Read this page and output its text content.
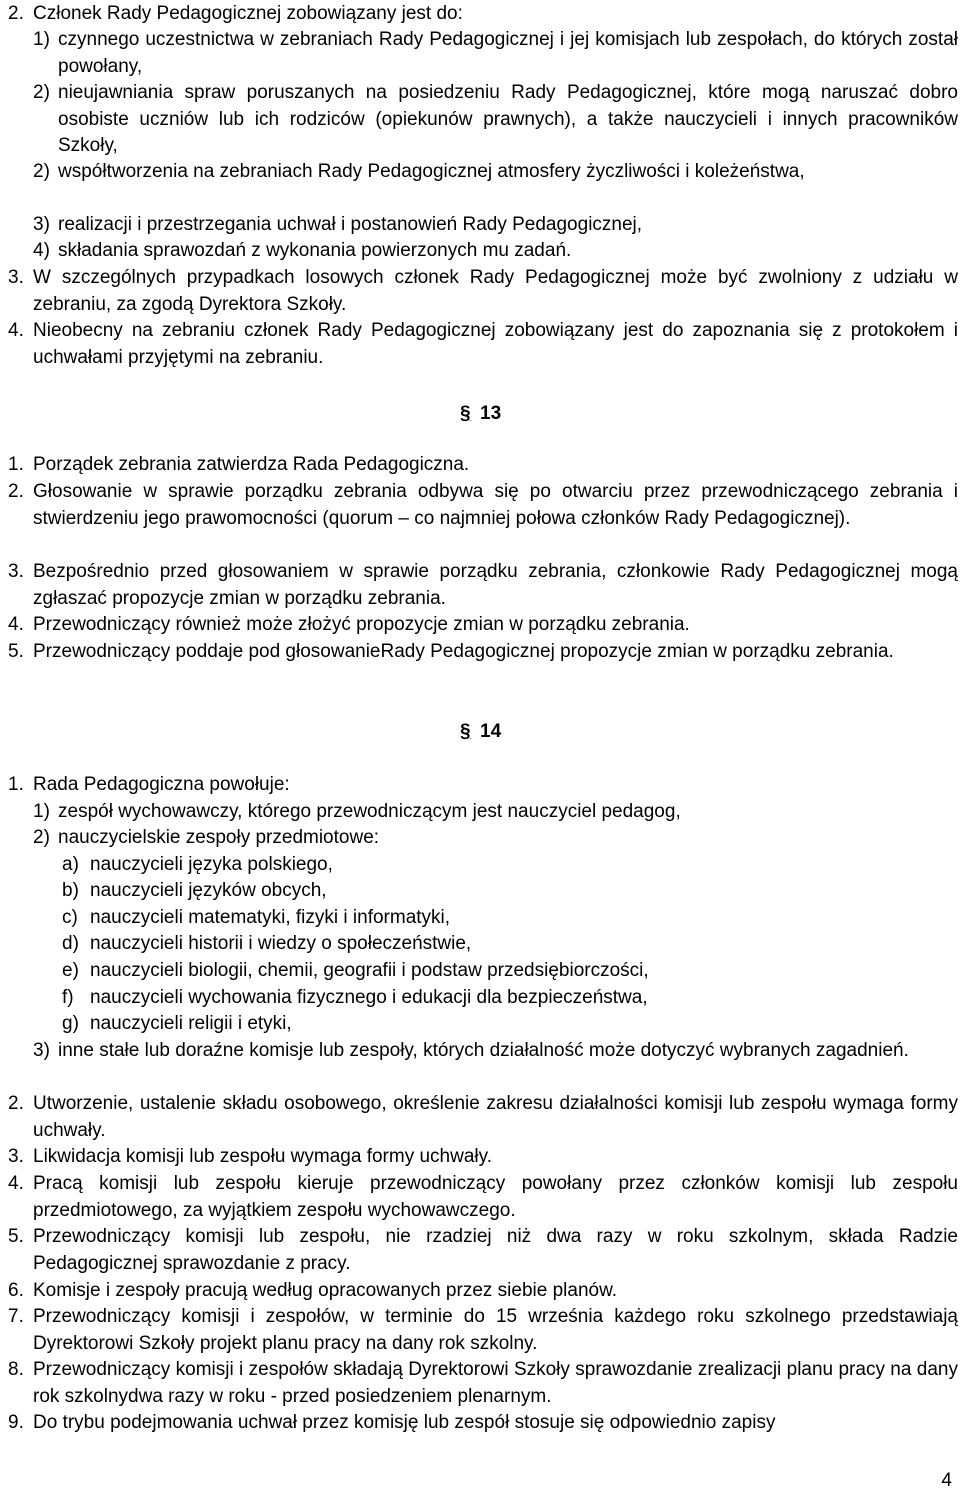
2. Członek Rady Pedagogicznej zobowiązany jest do:
1) czynnego uczestnictwa w zebraniach Rady Pedagogicznej i jej komisjach lub zespołach, do których został powołany,
2) nieujawniania spraw poruszanych na posiedzeniu Rady Pedagogicznej, które mogą naruszać dobro osobiste uczniów lub ich rodziców (opiekunów prawnych), a także nauczycieli i innych pracowników Szkoły,
2) współtworzenia na zebraniach Rady Pedagogicznej atmosfery życzliwości i koleżeństwa,
3) realizacji i przestrzegania uchwał i postanowień Rady Pedagogicznej,
4) składania sprawozdań z wykonania powierzonych mu zadań.
3. W szczególnych przypadkach losowych członek Rady Pedagogicznej może być zwolniony z udziału w zebraniu, za zgodą Dyrektora Szkoły.
4. Nieobecny na zebraniu członek Rady Pedagogicznej zobowiązany jest do zapoznania się z protokołem i uchwałami przyjętymi na zebraniu.
§ 13
1. Porządek zebrania zatwierdza Rada Pedagogiczna.
2. Głosowanie w sprawie porządku zebrania odbywa się po otwarciu przez przewodniczącego zebrania i stwierdzeniu jego prawomocności (quorum – co najmniej połowa członków Rady Pedagogicznej).
3. Bezpośrednio przed głosowaniem w sprawie porządku zebrania, członkowie Rady Pedagogicznej mogą zgłaszać propozycje zmian w porządku zebrania.
4. Przewodniczący również może złożyć propozycje zmian w porządku zebrania.
5. Przewodniczący poddaje pod głosowanieRady Pedagogicznej propozycje zmian w porządku zebrania.
§ 14
1. Rada Pedagogiczna powołuje:
1) zespół wychowawczy, którego przewodniczącym jest nauczyciel pedagog,
2) nauczycielskie zespoły przedmiotowe:
a) nauczycieli języka polskiego,
b) nauczycieli języków obcych,
c) nauczycieli matematyki, fizyki i informatyki,
d) nauczycieli historii i wiedzy o społeczeństwie,
e) nauczycieli biologii, chemii, geografii i podstaw przedsiębiorczości,
f) nauczycieli wychowania fizycznego i edukacji dla bezpieczeństwa,
g) nauczycieli religii i etyki,
3) inne stałe lub doraźne komisje lub zespoły, których działalność może dotyczyć wybranych zagadnień.
2. Utworzenie, ustalenie składu osobowego, określenie zakresu działalności komisji lub zespołu wymaga formy uchwały.
3. Likwidacja komisji lub zespołu wymaga formy uchwały.
4. Pracą komisji lub zespołu kieruje przewodniczący powołany przez członków komisji lub zespołu przedmiotowego, za wyjątkiem zespołu wychowawczego.
5. Przewodniczący komisji lub zespołu, nie rzadziej niż dwa razy w roku szkolnym, składa Radzie Pedagogicznej sprawozdanie z pracy.
6. Komisje i zespoły pracują według opracowanych przez siebie planów.
7. Przewodniczący komisji i zespołów, w terminie do 15 września każdego roku szkolnego przedstawiają Dyrektorowi Szkoły projekt planu pracy na dany rok szkolny.
8. Przewodniczący komisji i zespołów składają Dyrektorowi Szkoły sprawozdanie zrealizacji planu pracy na dany rok szkolnydwa razy w roku - przed posiedzeniem plenarnym.
9. Do trybu podejmowania uchwał przez komisję lub zespół stosuje się odpowiednio zapisy
4
